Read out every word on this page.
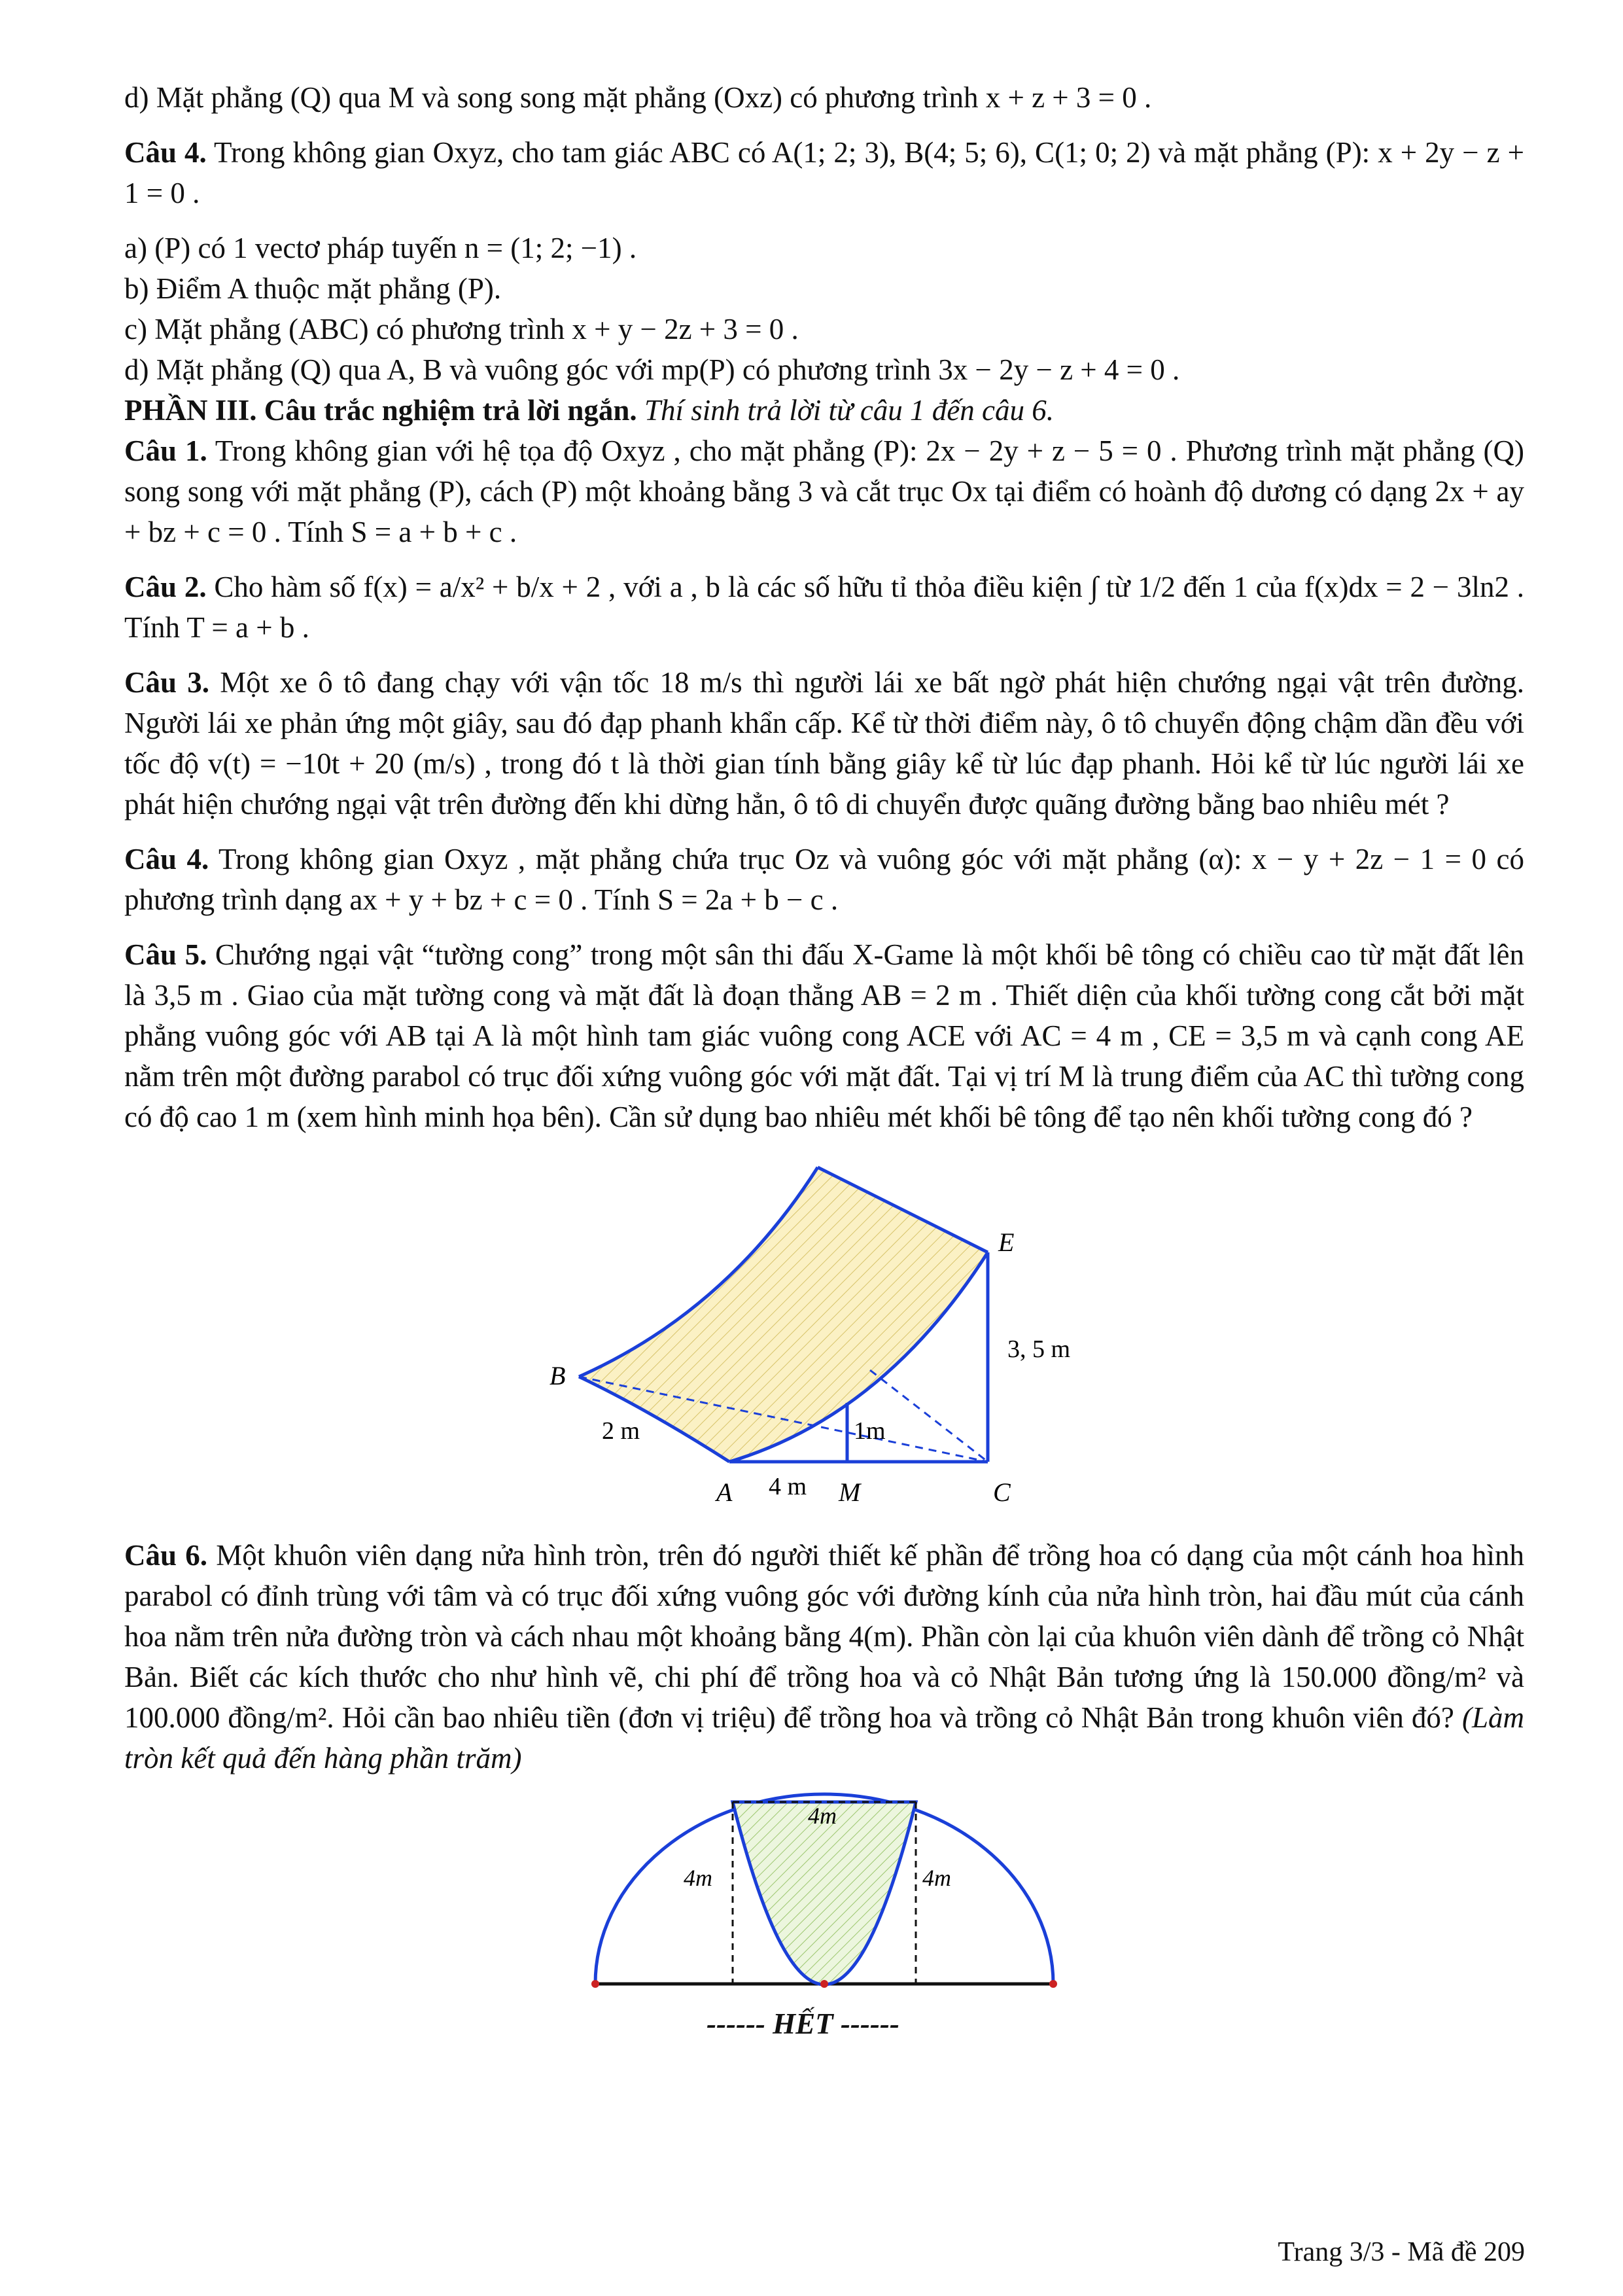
d) Mặt phẳng (Q) qua M và song song mặt phẳng (Oxz) có phương trình x + z + 3 = 0 .

Câu 4. Trong không gian Oxyz, cho tam giác ABC có A(1; 2; 3), B(4; 5; 6), C(1; 0; 2) và mặt phẳng (P): x + 2y − z + 1 = 0 .

a) (P) có 1 vectơ pháp tuyến n = (1; 2; −1) .

b) Điểm A thuộc mặt phẳng (P).

c) Mặt phẳng (ABC) có phương trình x + y − 2z + 3 = 0 .

d) Mặt phẳng (Q) qua A, B và vuông góc với mp(P) có phương trình 3x − 2y − z + 4 = 0 .

PHẦN III. Câu trắc nghiệm trả lời ngắn. Thí sinh trả lời từ câu 1 đến câu 6.

Câu 1. Trong không gian với hệ tọa độ Oxyz , cho mặt phẳng (P): 2x − 2y + z − 5 = 0 . Phương trình mặt phẳng (Q) song song với mặt phẳng (P), cách (P) một khoảng bằng 3 và cắt trục Ox tại điểm có hoành độ dương có dạng 2x + ay + bz + c = 0 . Tính S = a + b + c .

Câu 2. Cho hàm số f(x) = a/x² + b/x + 2 , với a , b là các số hữu tỉ thỏa điều kiện ∫ từ 1/2 đến 1 của f(x)dx = 2 − 3ln2 . Tính T = a + b .

Câu 3. Một xe ô tô đang chạy với vận tốc 18 m/s thì người lái xe bất ngờ phát hiện chướng ngại vật trên đường. Người lái xe phản ứng một giây, sau đó đạp phanh khẩn cấp. Kể từ thời điểm này, ô tô chuyển động chậm dần đều với tốc độ v(t) = −10t + 20 (m/s) , trong đó t là thời gian tính bằng giây kể từ lúc đạp phanh. Hỏi kể từ lúc người lái xe phát hiện chướng ngại vật trên đường đến khi dừng hẳn, ô tô di chuyển được quãng đường bằng bao nhiêu mét ?

Câu 4. Trong không gian Oxyz , mặt phẳng chứa trục Oz và vuông góc với mặt phẳng (α): x − y + 2z − 1 = 0 có phương trình dạng ax + y + bz + c = 0 . Tính S = 2a + b − c .

Câu 5. Chướng ngại vật “tường cong” trong một sân thi đấu X-Game là một khối bê tông có chiều cao từ mặt đất lên là 3,5 m . Giao của mặt tường cong và mặt đất là đoạn thẳng AB = 2 m . Thiết diện của khối tường cong cắt bởi mặt phẳng vuông góc với AB tại A là một hình tam giác vuông cong ACE với AC = 4 m , CE = 3,5 m và cạnh cong AE nằm trên một đường parabol có trục đối xứng vuông góc với mặt đất. Tại vị trí M là trung điểm của AC thì tường cong có độ cao 1 m (xem hình minh họa bên). Cần sử dụng bao nhiêu mét khối bê tông để tạo nên khối tường cong đó ?

B
E
A	M	C
2 m
4 m
1m
3, 5 m

Câu 6. Một khuôn viên dạng nửa hình tròn, trên đó người thiết kế phần để trồng hoa có dạng của một cánh hoa hình parabol có đỉnh trùng với tâm và có trục đối xứng vuông góc với đường kính của nửa hình tròn, hai đầu mút của cánh hoa nằm trên nửa đường tròn và cách nhau một khoảng bằng 4(m). Phần còn lại của khuôn viên dành để trồng cỏ Nhật Bản. Biết các kích thước cho như hình vẽ, chi phí để trồng hoa và cỏ Nhật Bản tương ứng là 150.000 đồng/m² và 100.000 đồng/m². Hỏi cần bao nhiêu tiền (đơn vị triệu) để trồng hoa và trồng cỏ Nhật Bản trong khuôn viên đó? (Làm tròn kết quả đến hàng phần trăm)

4m
4m	4m

------ HẾT ------

Trang 3/3 - Mã đề 209
